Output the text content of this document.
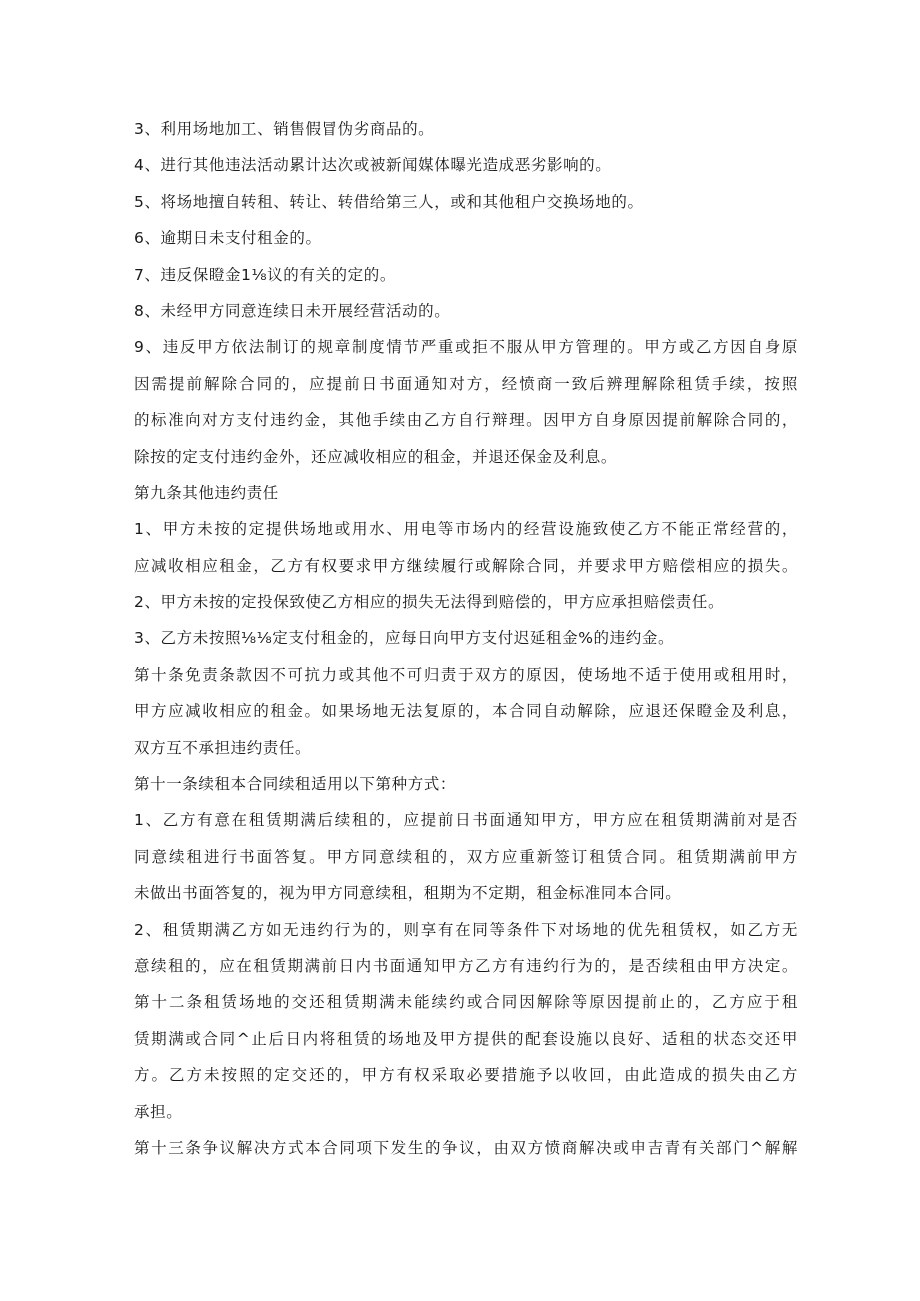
3、利用场地加工、销售假冒伪劣商品的。
4、进行其他违法活动累计达次或被新闻媒体曝光造成恶劣影响的。
5、将场地擅自转租、转让、转借给第三人，或和其他租户交换场地的。
6、逾期日未支付租金的。
7、违反保瞪金1⅛议的有关的定的。
8、未经甲方同意连续日未开展经营活动的。
9、违反甲方依法制订的规章制度情节严重或拒不服从甲方管理的。甲方或乙方因自身原
因需提前解除合同的，应提前日书面通知对方，经愤商一致后辨理解除租赁手续，按照
的标准向对方支付违约金，其他手续由乙方自行辩理。因甲方自身原因提前解除合同的，
除按的定支付违约金外，还应减收相应的租金，并退还保金及利息。
第九条其他违约责任
1、甲方未按的定提供场地或用水、用电等市场内的经营设施致使乙方不能正常经营的，
应减收相应租金，乙方有权要求甲方继续履行或解除合同，并要求甲方赔偿相应的损失。
2、甲方未按的定投保致使乙方相应的损失无法得到赔偿的，甲方应承担赔偿责任。
3、乙方未按照⅛⅛定支付租金的，应每日向甲方支付迟延租金%的违约金。
第十条免责条款因不可抗力或其他不可归责于双方的原因，使场地不适于使用或租用时，
甲方应减收相应的租金。如果场地无法复原的，本合同自动解除，应退还保瞪金及利息，
双方互不承担违约责任。
第十一条续租本合同续租适用以下第种方式：
1、乙方有意在租赁期满后续租的，应提前日书面通知甲方，甲方应在租赁期满前对是否
同意续租进行书面答复。甲方同意续租的，双方应重新签订租赁合同。租赁期满前甲方
未做出书面答复的，视为甲方同意续租，租期为不定期，租金标准同本合同。
2、租赁期满乙方如无违约行为的，则享有在同等条件下对场地的优先租赁权，如乙方无
意续租的，应在租赁期满前日内书面通知甲方乙方有违约行为的，是否续租由甲方决定。
第十二条租赁场地的交还租赁期满未能续约或合同因解除等原因提前止的，乙方应于租
赁期满或合同^止后日内将租赁的场地及甲方提供的配套设施以良好、适租的状态交还甲
方。乙方未按照的定交还的，甲方有权采取必要措施予以收回，由此造成的损失由乙方
承担。
第十三条争议解决方式本合同项下发生的争议，由双方愤商解决或申吉青有关部门^解解
